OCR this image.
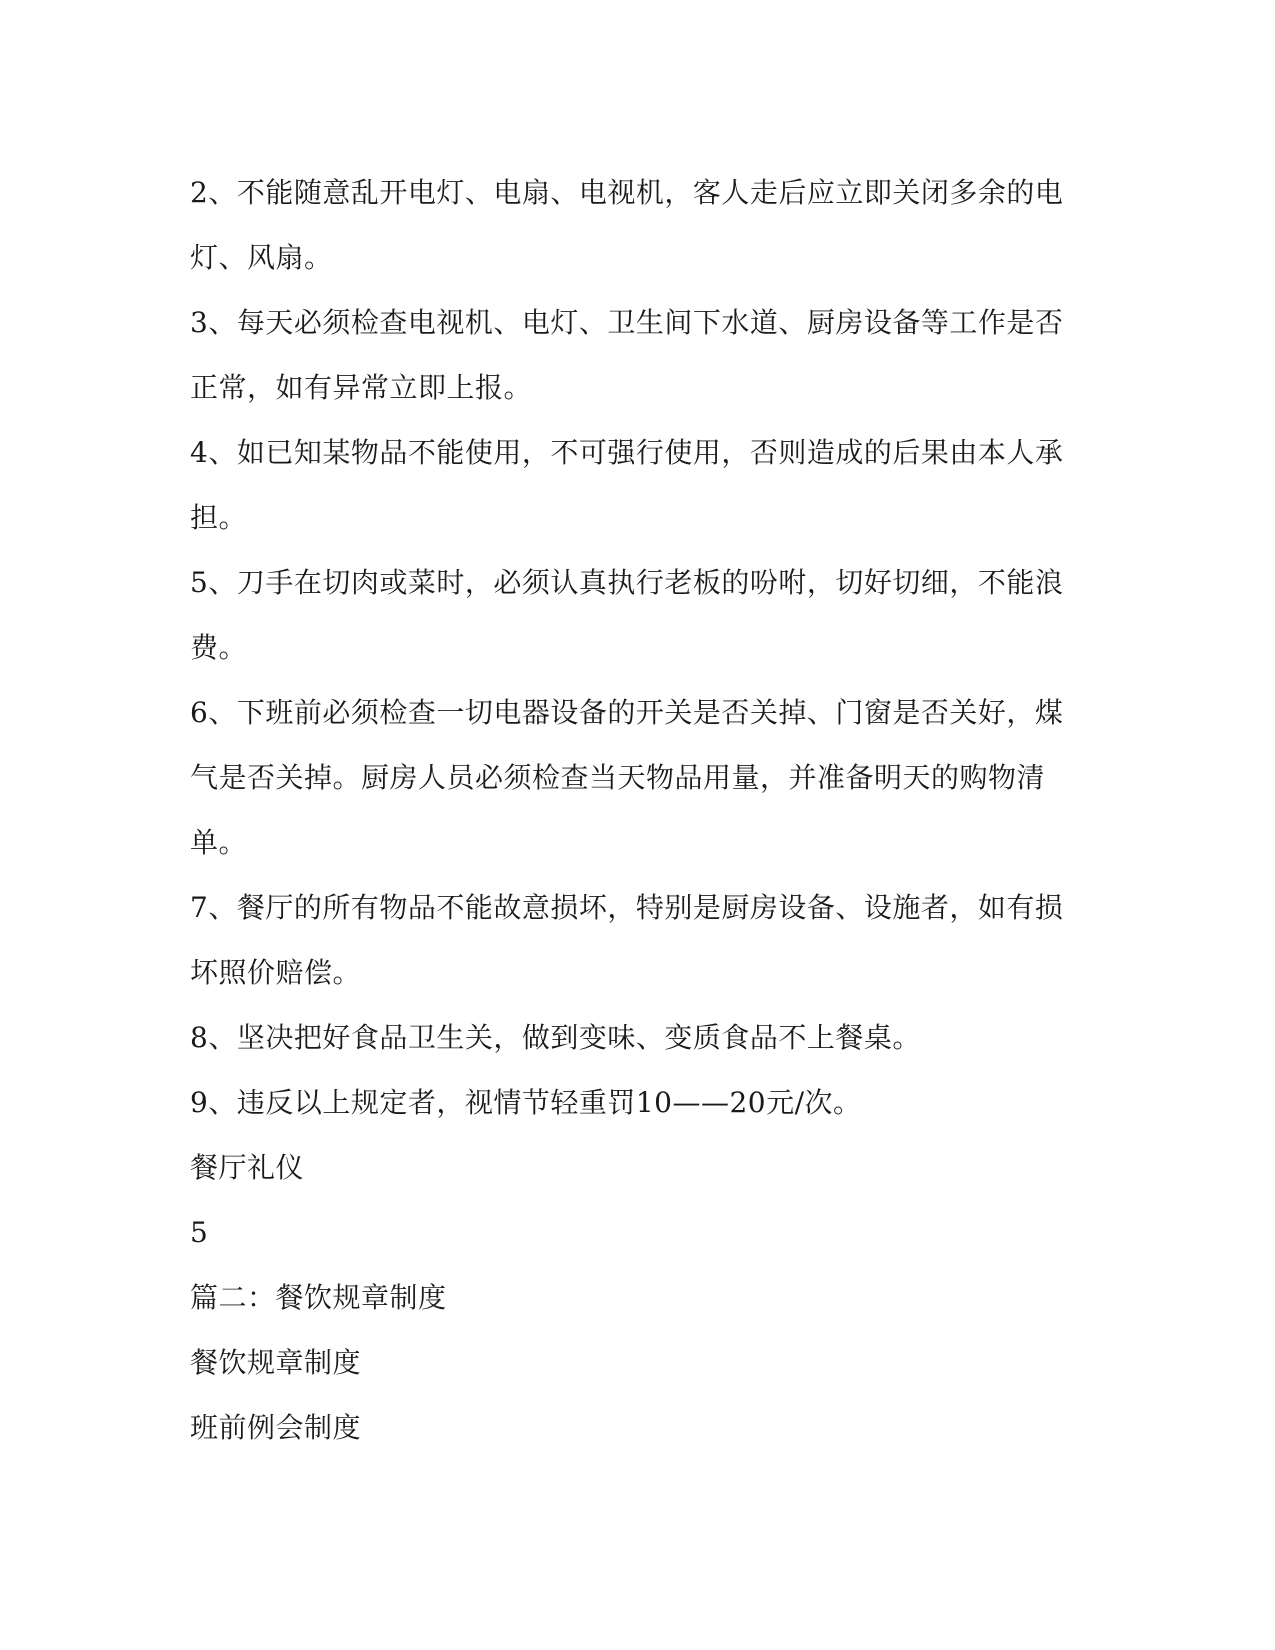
2、不能随意乱开电灯、电扇、电视机，客人走后应立即关闭多余的电
灯、风扇。
3、每天必须检查电视机、电灯、卫生间下水道、厨房设备等工作是否
正常，如有异常立即上报。
4、如已知某物品不能使用，不可强行使用，否则造成的后果由本人承
担。
5、刀手在切肉或菜时，必须认真执行老板的吩咐，切好切细，不能浪
费。
6、下班前必须检查一切电器设备的开关是否关掉、门窗是否关好，煤
气是否关掉。厨房人员必须检查当天物品用量，并准备明天的购物清
单。
7、餐厅的所有物品不能故意损坏，特别是厨房设备、设施者，如有损
坏照价赔偿。
8、坚决把好食品卫生关，做到变味、变质食品不上餐桌。
9、违反以上规定者，视情节轻重罚10——20元/次。
餐厅礼仪
5
篇二：餐饮规章制度
餐饮规章制度
班前例会制度
